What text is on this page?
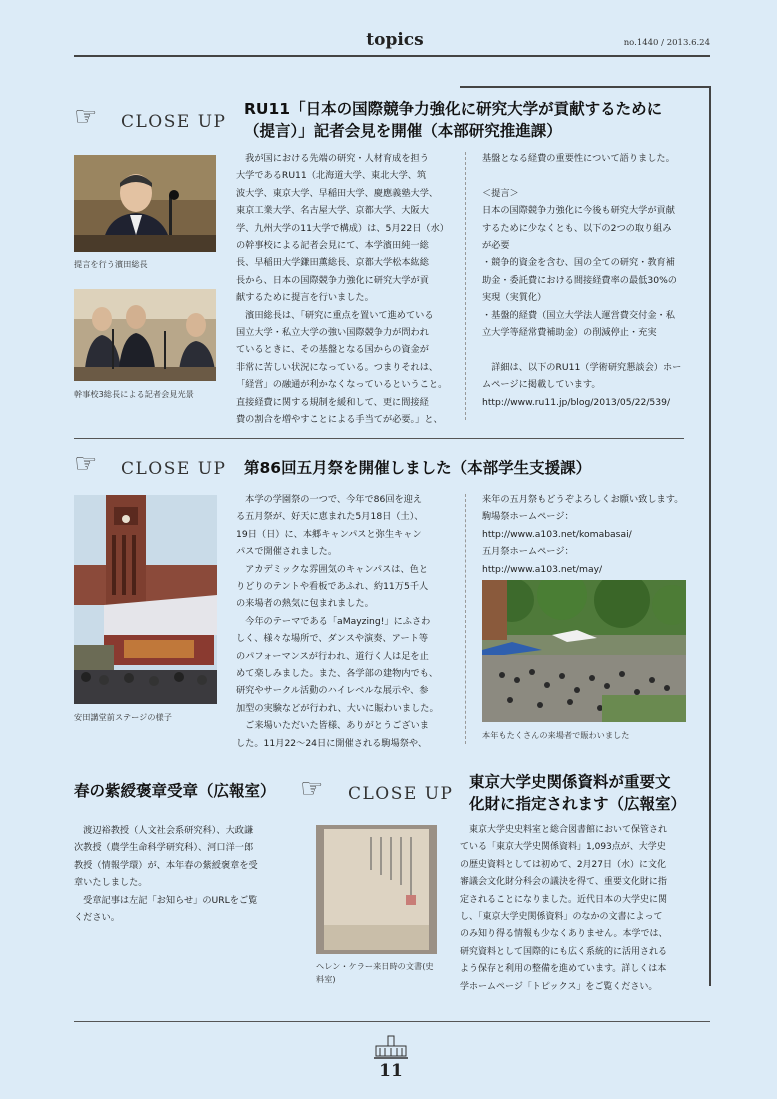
topics	no.1440 / 2013.6.24
☞ CLOSE UP
RU11「日本の国際競争力強化に研究大学が貢献するために
（提言）」記者会見を開催（本部研究推進課）
提言を行う濱田総長
幹事校3総長による記者会見光景
　我が国における先端の研究・人材育成を担う
大学であるRU11（北海道大学、東北大学、筑
波大学、東京大学、早稲田大学、慶應義塾大学、
東京工業大学、名古屋大学、京都大学、大阪大
学、九州大学の11大学で構成）は、5月22日（水）
の幹事校による記者会見にて、本学濱田純一総
長、早稲田大学鎌田薫総長、京都大学松本紘総
長から、日本の国際競争力強化に研究大学が貢
献するために提言を行いました。
　濱田総長は、「研究に重点を置いて進めている
国立大学・私立大学の強い国際競争力が問われ
ているときに、その基盤となる国からの資金が
非常に苦しい状況になっている。つまりそれは、
「経営」の融通が利かなくなっているということ。
直接経費に関する規制を緩和して、更に間接経
費の割合を増やすことによる手当てが必要。」と、
基盤となる経費の重要性について語りました。
＜提言＞
日本の国際競争力強化に今後も研究大学が貢献
するために少なくとも、以下の2つの取り組み
が必要
・競争的資金を含む、国の全ての研究・教育補
助金・委託費における間接経費率の最低30%の
実現（実質化）
・基盤的経費（国立大学法人運営費交付金・私
立大学等経常費補助金）の削減停止・充実
　詳細は、以下のRU11（学術研究懇談会）ホー
ムページに掲載しています。
http://www.ru11.jp/blog/2013/05/22/539/
☞ CLOSE UP 第86回五月祭を開催しました（本部学生支援課）
安田講堂前ステージの様子
　本学の学園祭の一つで、今年で86回を迎え
る五月祭が、好天に恵まれた5月18日（土）、
19日（日）に、本郷キャンパスと弥生キャン
パスで開催されました。
　アカデミックな雰囲気のキャンパスは、色と
りどりのテントや看板であふれ、約11万5千人
の来場者の熱気に包まれました。
　今年のテーマである「aMayzing!」にふさわ
しく、様々な場所で、ダンスや演奏、アート等
のパフォーマンスが行われ、道行く人は足を止
めて楽しみました。また、各学部の建物内でも、
研究やサークル活動のハイレベルな展示や、参
加型の実験などが行われ、大いに賑わいました。
　ご来場いただいた皆様、ありがとうございま
した。11月22〜24日に開催される駒場祭や、
来年の五月祭もどうぞよろしくお願い致します。
駒場祭ホームページ：
http://www.a103.net/komabasai/
五月祭ホームページ：
http://www.a103.net/may/
本年もたくさんの来場者で賑わいました
春の紫綬褒章受章（広報室）
　渡辺裕教授（人文社会系研究科）、大政謙
次教授（農学生命科学研究科）、河口洋一郎
教授（情報学環）が、本年春の紫綬褒章を受
章いたしました。
　受章記事は左記「お知らせ」のURLをご覧
ください。
☞ CLOSE UP
東京大学史関係資料が重要文
化財に指定されます（広報室）
ヘレン・ケラー来日時の文書(史
料室)
　東京大学史史料室と総合図書館において保管され
ている「東京大学史関係資料」1,093点が、大学史
の歴史資料としては初めて、2月27日（水）に文化
審議会文化財分科会の議決を得て、重要文化財に指
定されることになりました。近代日本の大学史に関
し、「東京大学史関係資料」のなかの文書によって
のみ知り得る情報も少なくありません。本学では、
研究資料として国際的にも広く系統的に活用される
よう保存と利用の整備を進めています。詳しくは本
学ホームページ「トピックス」をご覧ください。
11
